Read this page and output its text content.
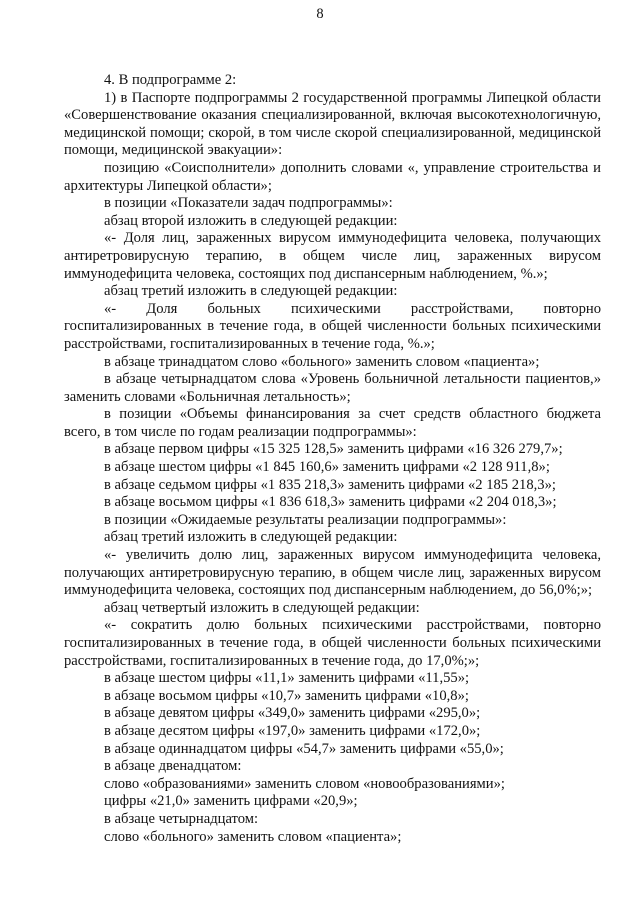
8

4. В подпрограмме 2:

1) в Паспорте подпрограммы 2 государственной программы Липецкой области «Совершенствование оказания специализированной, включая высокотехнологичную, медицинской помощи; скорой, в том числе скорой специализированной, медицинской помощи, медицинской эвакуации»:

позицию «Соисполнители» дополнить словами «, управление строительства и архитектуры Липецкой области»;

в позиции «Показатели задач подпрограммы»:

абзац второй изложить в следующей редакции:

«- Доля лиц, зараженных вирусом иммунодефицита человека, получающих антиретровирусную терапию, в общем числе лиц, зараженных вирусом иммунодефицита человека, состоящих под диспансерным наблюдением, %.»;

абзац третий изложить в следующей редакции:

«- Доля больных психическими расстройствами, повторно госпитализированных в течение года, в общей численности больных психическими расстройствами, госпитализированных в течение года, %.»;

в абзаце тринадцатом слово «больного» заменить словом «пациента»;

в абзаце четырнадцатом слова «Уровень больничной летальности пациентов,» заменить словами «Больничная летальность»;

в позиции «Объемы финансирования за счет средств областного бюджета всего, в том числе по годам реализации подпрограммы»:

в абзаце первом цифры «15 325 128,5» заменить цифрами «16 326 279,7»;

в абзаце шестом цифры «1 845 160,6» заменить цифрами «2 128 911,8»;

в абзаце седьмом цифры «1 835 218,3» заменить цифрами «2 185 218,3»;

в абзаце восьмом цифры «1 836 618,3» заменить цифрами «2 204 018,3»;

в позиции «Ожидаемые результаты реализации подпрограммы»:

абзац третий изложить в следующей редакции:

«- увеличить долю лиц, зараженных вирусом иммунодефицита человека, получающих антиретровирусную терапию, в общем числе лиц, зараженных вирусом иммунодефицита человека, состоящих под диспансерным наблюдением, до 56,0%;»;

абзац четвертый изложить в следующей редакции:

«- сократить долю больных психическими расстройствами, повторно госпитализированных в течение года, в общей численности больных психическими расстройствами, госпитализированных в течение года, до 17,0%;»;

в абзаце шестом цифры «11,1» заменить цифрами «11,55»;

в абзаце восьмом цифры «10,7» заменить цифрами «10,8»;

в абзаце девятом цифры «349,0» заменить цифрами «295,0»;

в абзаце десятом цифры «197,0» заменить цифрами «172,0»;

в абзаце одиннадцатом цифры «54,7» заменить цифрами «55,0»;

в абзаце двенадцатом:

слово «образованиями» заменить словом «новообразованиями»;

цифры «21,0» заменить цифрами «20,9»;

в абзаце четырнадцатом:

слово «больного» заменить словом «пациента»;
